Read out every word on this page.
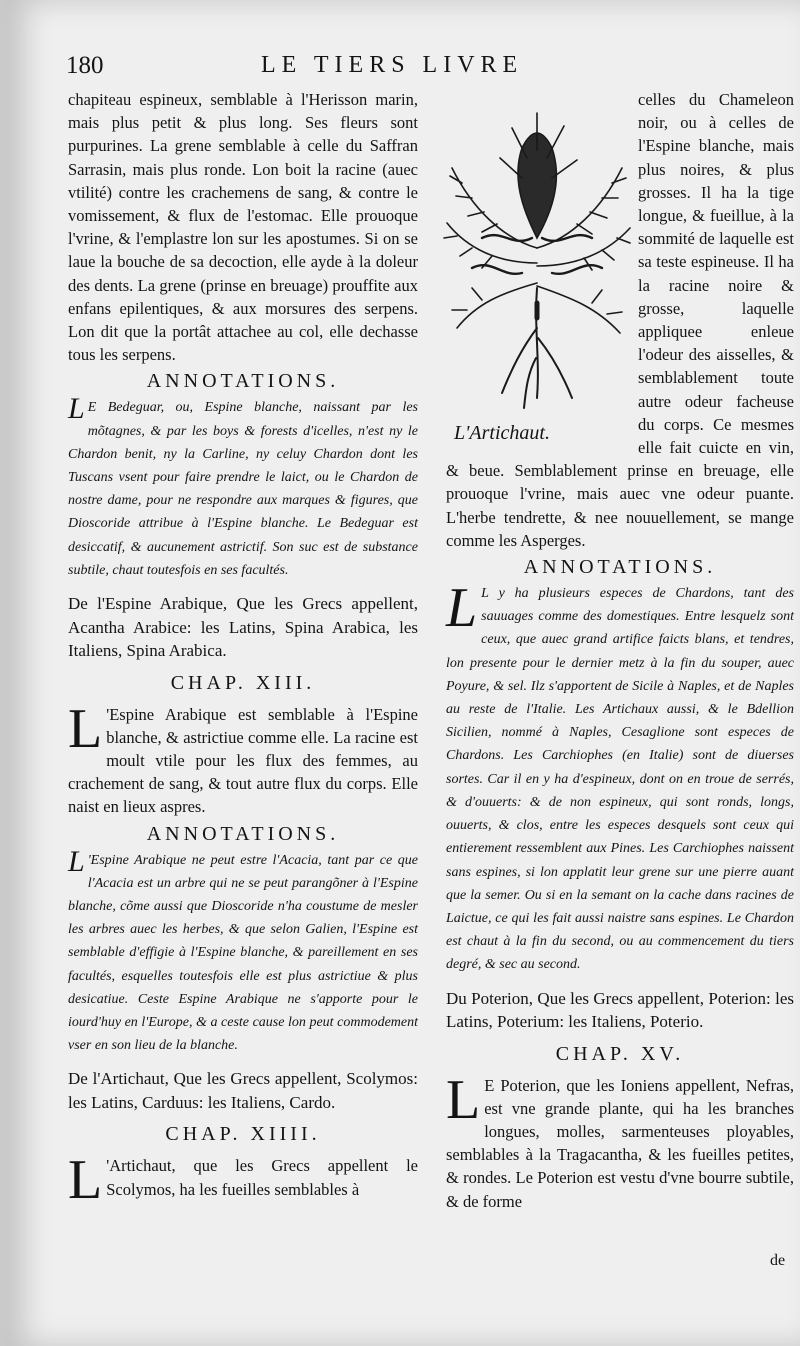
180	LE TIERS LIVRE

chapiteau espineux, semblable à l'Herisson marin, mais plus petit & plus long. Ses fleurs sont purpurines. La grene semblable à celle du Saffran Sarrasin, mais plus ronde. Lon boit la racine (auec vtilité) contre les crachemens de sang, & contre le vomissement, & flux de l'estomac. Elle prouoque l'vrine, & l'emplastre lon sur les apostumes. Si on se laue la bouche de sa decoction, elle ayde à la doleur des dents. La grene (prinse en breuage) prouffite aux enfans epilentiques, & aux morsures des serpens. Lon dit que la portât attachee au col, elle dechasse tous les serpens.

ANNOTATIONS.

L E Bedeguar, ou, Espine blanche, naissant par les mõtagnes, & par les boys & forests d'icelles, n'est ny le Chardon benit, ny la Carline, ny celuy Chardon dont les Tuscans vsent pour faire prendre le laict, ou le Chardon de nostre dame, pour ne respondre aux marques & figures, que Dioscoride attribue à l'Espine blanche. Le Bedeguar est desiccatif, & aucunement astrictif. Son suc est de substance subtile, chaut toutesfois en ses facultés.

De l'Espine Arabique, Que les Grecs appellent, Acantha Arabice: les Latins, Spina Arabica, les Italiens, Spina Arabica.

CHAP. XIII.

L 'Espine Arabique est semblable à l'Espine blanche, & astrictiue comme elle. La racine est moult vtile pour les flux des femmes, au crachement de sang, & tout autre flux du corps. Elle naist en lieux aspres.

ANNOTATIONS.

L 'Espine Arabique ne peut estre l'Acacia, tant par ce que l'Acacia est un arbre qui ne se peut parangõner à l'Espine blanche, cõme aussi que Dioscoride n'ha coustume de mesler les arbres auec les herbes, & que selon Galien, l'Espine est semblable d'effigie à l'Espine blanche, & pareillement en ses facultés, esquelles toutesfois elle est plus astrictiue & plus desicatiue. Ceste Espine Arabique ne s'apporte pour le iourd'huy en l'Europe, & a ceste cause lon peut commodement vser en son lieu de la blanche.

De l'Artichaut, Que les Grecs appellent, Scolymos: les Latins, Carduus: les Italiens, Cardo.

CHAP. XIIII.

L 'Artichaut, que les Grecs appellent le Scolymos, ha les fueilles semblables à

L'Artichaut.

celles du Chameleon noir, ou à celles de l'Espine blanche, mais plus noires, & plus grosses. Il ha la tige longue, & fueillue, à la sommité de laquelle est sa teste espineuse. Il ha la racine noire & grosse, laquelle appliquee enleue l'odeur des aisselles, & semblablement toute autre odeur facheuse du corps. Ce mesmes elle fait cuicte en vin, & beue. Semblablement prinse en breuage, elle prouoque l'vrine, mais auec vne odeur puante. L'herbe tendrette, & nee nouuellement, se mange comme les Asperges.

ANNOTATIONS.

L L y ha plusieurs especes de Chardons, tant des sauuages comme des domestiques. Entre lesquelz sont ceux, que auec grand artifice faicts blans, et tendres, lon presente pour le dernier metz à la fin du souper, auec Poyure, & sel. Ilz s'apportent de Sicile à Naples, et de Naples au reste de l'Italie. Les Artichaux aussi, & le Bdellion Sicilien, nommé à Naples, Cesaglione sont especes de Chardons. Les Carchiophes (en Italie) sont de diuerses sortes. Car il en y ha d'espineux, dont on en troue de serrés, & d'ouuerts: & de non espineux, qui sont ronds, longs, ouuerts, & clos, entre les especes desquels sont ceux qui entierement ressemblent aux Pines. Les Carchiophes naissent sans espines, si lon applatit leur grene sur une pierre auant que la semer. Ou si en la semant on la cache dans racines de Laictue, ce qui les fait aussi naistre sans espines. Le Chardon est chaut à la fin du second, ou au commencement du tiers degré, & sec au second.

Du Poterion, Que les Grecs appellent, Poterion: les Latins, Poterium: les Italiens, Poterio.

CHAP. XV.

L E Poterion, que les Ioniens appellent, Nefras, est vne grande plante, qui ha les branches longues, molles, sarmenteuses ployables, semblables à la Tragacantha, & les fueilles petites, & rondes. Le Poterion est vestu d'vne bourre subtile, & de forme

de
